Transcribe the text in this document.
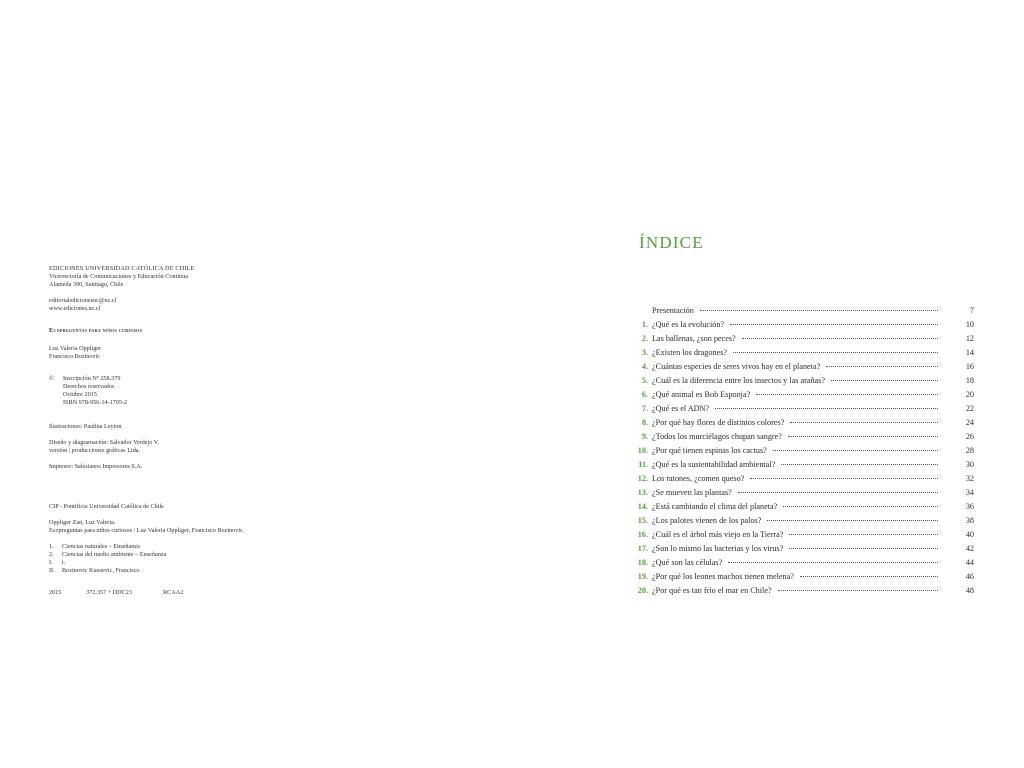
EDICIONES UNIVERSIDAD CATÓLICA DE CHILE
Vicerrectoría de Comunicaciones y Educación Continua
Alameda 390, Santiago, Chile
editorialedicionesuc@uc.cl
www.ediciones.uc.cl
Ecopreguntas para niños curiosos
Luz Valeria Oppliger
Francisco Bozinovic
©	Inscripción Nº 258.379
Derechos reservados
Octubre 2015
ISBN 978-956-14-1705-2
Ilustraciones: Paulina Leyton
Diseño y diagramación: Salvador Verdejo V.
versión | producciones gráficas Ltda.
Impresor: Salesianos Impresores S.A.
CIP - Pontificia Universidad Católica de Chile
Oppliger Zan, Luz Valeria.
Ecopreguntas para niños curiosos / Luz Valeria Oppliger, Francisco Bozinovic.
1.	Ciencias naturales – Enseñanza
2.	Ciencias del medio ambiente – Enseñanza
I.	t.
II.	Bozinovic Kusoevic, Francisco
2015	372.357 + DDC23	RCAA2
ÍNDICE
Presentación	7
1. ¿Qué es la evolución?	10
2. Las ballenas, ¿son peces?	12
3. ¿Existen los dragones?	14
4. ¿Cuántas especies de seres vivos hay en el planeta?	16
5. ¿Cuál es la diferencia entre los insectos y las arañas?	18
6. ¿Qué animal es Bob Esponja?	20
7. ¿Qué es el ADN?	22
8. ¿Por qué hay flores de distintos colores?	24
9. ¿Todos los murciélagos chupan sangre?	26
10. ¿Por qué tienen espinas los cactus?	28
11. ¿Qué es la sustentabilidad ambiental?	30
12. Los ratones, ¿comen queso?	32
13. ¿Se mueven las plantas?	34
14. ¿Está cambiando el clima del planeta?	36
15. ¿Los palotes vienen de los palos?	38
16. ¿Cuál es el árbol más viejo en la Tierra?	40
17. ¿Son lo mismo las bacterias y los virus?	42
18. ¿Qué son las células?	44
19. ¿Por qué los leones machos tienen melena?	46
20. ¿Por qué es tan frío el mar en Chile?	48
